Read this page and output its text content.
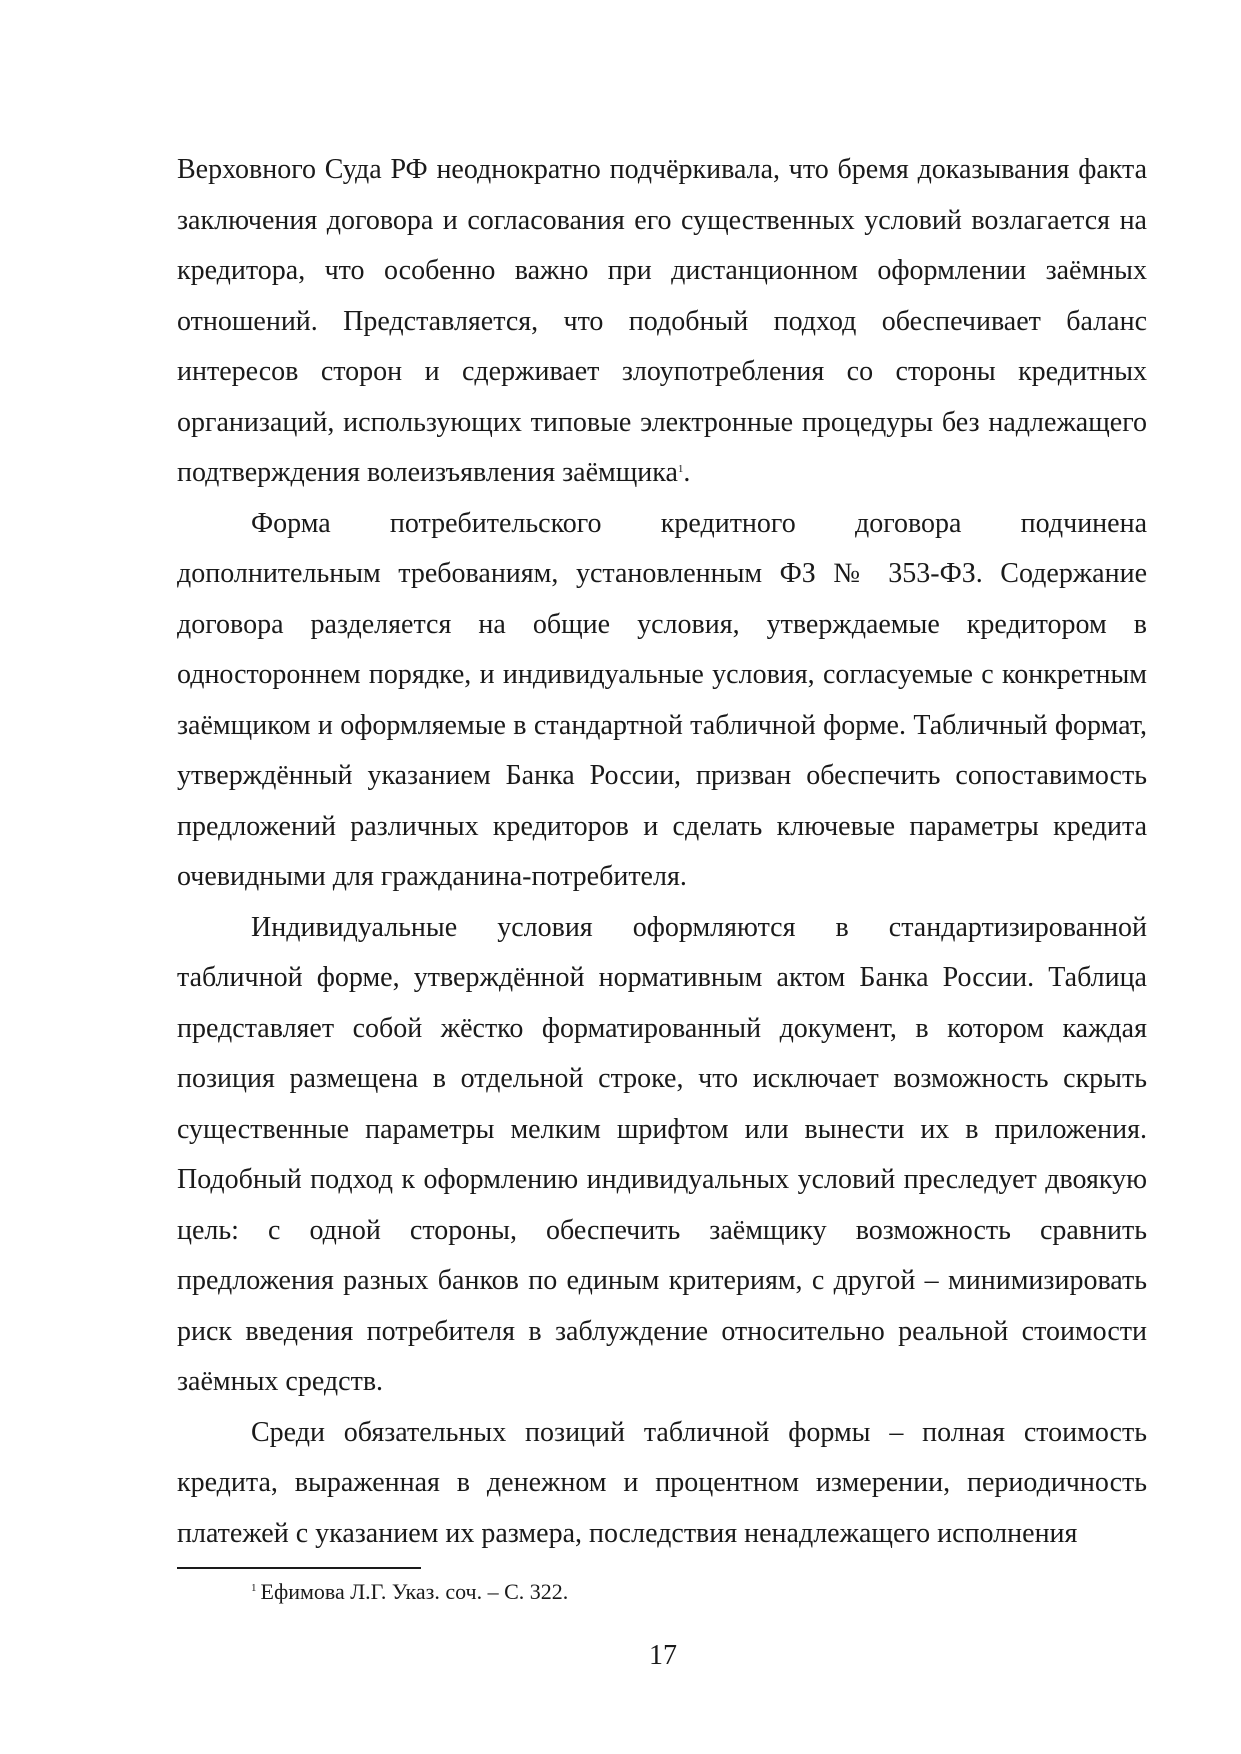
Верховного Суда РФ неоднократно подчёркивала, что бремя доказывания факта заключения договора и согласования его существенных условий возлагается на кредитора, что особенно важно при дистанционном оформлении заёмных отношений. Представляется, что подобный подход обеспечивает баланс интересов сторон и сдерживает злоупотребления со стороны кредитных организаций, использующих типовые электронные процедуры без надлежащего подтверждения волеизъявления заёмщика$^1$.

Форма потребительского кредитного договора подчинена дополнительным требованиям, установленным ФЗ № 353-ФЗ. Содержание договора разделяется на общие условия, утверждаемые кредитором в одностороннем порядке, и индивидуальные условия, согласуемые с конкретным заёмщиком и оформляемые в стандартной табличной форме. Табличный формат, утверждённый указанием Банка России, призван обеспечить сопоставимость предложений различных кредиторов и сделать ключевые параметры кредита очевидными для гражданина-потребителя.

Индивидуальные условия оформляются в стандартизированной табличной форме, утверждённой нормативным актом Банка России. Таблица представляет собой жёстко форматированный документ, в котором каждая позиция размещена в отдельной строке, что исключает возможность скрыть существенные параметры мелким шрифтом или вынести их в приложения. Подобный подход к оформлению индивидуальных условий преследует двоякую цель: с одной стороны, обеспечить заёмщику возможность сравнить предложения разных банков по единым критериям, с другой – минимизировать риск введения потребителя в заблуждение относительно реальной стоимости заёмных средств.

Среди обязательных позиций табличной формы – полная стоимость кредита, выраженная в денежном и процентном измерении, периодичность платежей с указанием их размера, последствия ненадлежащего исполнения

$^1$ Ефимова Л.Г. Указ. соч. – С. 322.
17
